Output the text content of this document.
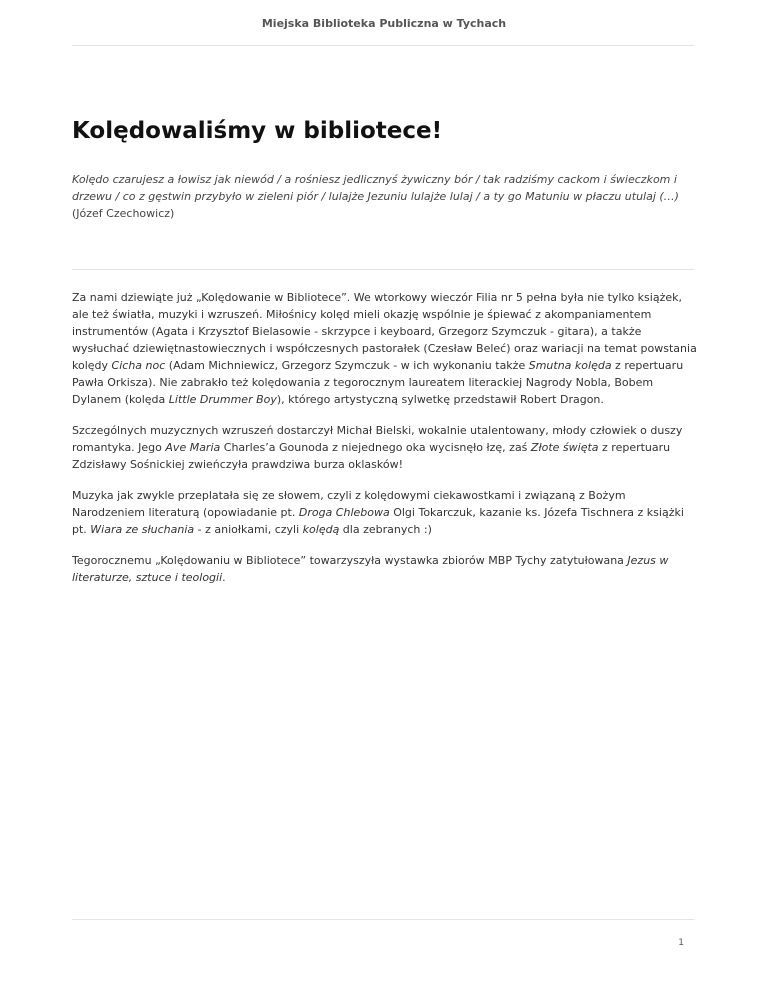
Miejska Biblioteka Publiczna w Tychach
Kolędowaliśmy w bibliotece!

Kolędo czarujesz a łowisz jak niewód / a rośniesz jedlicznyś żywiczny bór / tak radziśmy cackom i świeczkom i drzewu / co z gęstwin przybyło w zieleni piór / lulajże Jezuniu lulajże lulaj / a ty go Matuniu w płaczu utulaj (…)(Józef Czechowicz)

Za nami dziewiąte już „Kolędowanie w Bibliotece”. We wtorkowy wieczór Filia nr 5 pełna była nie tylko książek, ale też światła, muzyki i wzruszeń. Miłośnicy kolęd mieli okazję wspólnie je śpiewać z akompaniamentem instrumentów (Agata i Krzysztof Bielasowie - skrzypce i keyboard, Grzegorz Szymczuk - gitara), a także wysłuchać dziewiętnastowiecznych i współczesnych pastorałek (Czesław Beleć) oraz wariacji na temat powstania kolędy Cicha noc (Adam Michniewicz, Grzegorz Szymczuk - w ich wykonaniu także Smutna kolęda z repertuaru Pawła Orkisza). Nie zabrakło też kolędowania z tegorocznym laureatem literackiej Nagrody Nobla, Bobem Dylanem (kolęda Little Drummer Boy), którego artystyczną sylwetkę przedstawił Robert Dragon.

Szczególnych muzycznych wzruszeń dostarczył Michał Bielski, wokalnie utalentowany, młody człowiek o duszy romantyka. Jego Ave Maria Charles’a Gounoda z niejednego oka wycisnęło łzę, zaś Złote święta z repertuaru Zdzisławy Sośnickiej zwieńczyła prawdziwa burza oklasków!

Muzyka jak zwykle przeplatała się ze słowem, czyli z kolędowymi ciekawostkami i związaną z Bożym Narodzeniem literaturą (opowiadanie pt. Droga Chlebowa Olgi Tokarczuk, kazanie ks. Józefa Tischnera z książki pt. Wiara ze słuchania - z aniołkami, czyli kolędą dla zebranych :)

Tegorocznemu „Kolędowaniu w Bibliotece” towarzyszyła wystawka zbiorów MBP Tychy zatytułowana Jezus w literaturze, sztuce i teologii.

1
